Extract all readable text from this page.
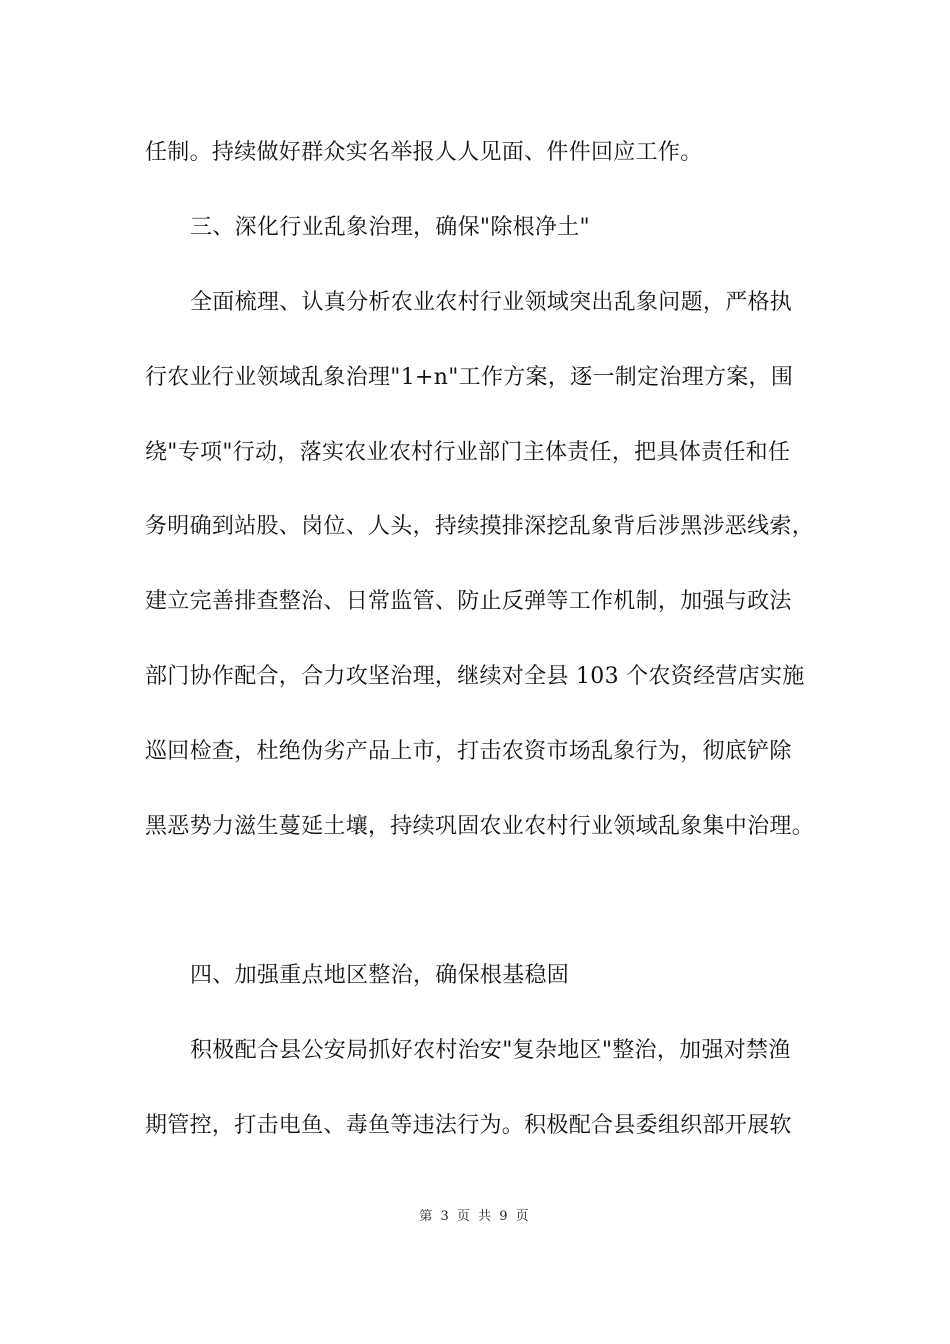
任制。持续做好群众实名举报人人见面、件件回应工作。
三、深化行业乱象治理，确保"除根净土"
全面梳理、认真分析农业农村行业领域突出乱象问题，严格执
行农业行业领域乱象治理"1+n"工作方案，逐一制定治理方案，围
绕"专项"行动，落实农业农村行业部门主体责任，把具体责任和任
务明确到站股、岗位、人头，持续摸排深挖乱象背后涉黑涉恶线索，
建立完善排查整治、日常监管、防止反弹等工作机制，加强与政法
部门协作配合，合力攻坚治理，继续对全县 103 个农资经营店实施
巡回检查，杜绝伪劣产品上市，打击农资市场乱象行为，彻底铲除
黑恶势力滋生蔓延土壤，持续巩固农业农村行业领域乱象集中治理。
四、加强重点地区整治，确保根基稳固
积极配合县公安局抓好农村治安"复杂地区"整治，加强对禁渔
期管控，打击电鱼、毒鱼等违法行为。积极配合县委组织部开展软
第 3 页 共 9 页
